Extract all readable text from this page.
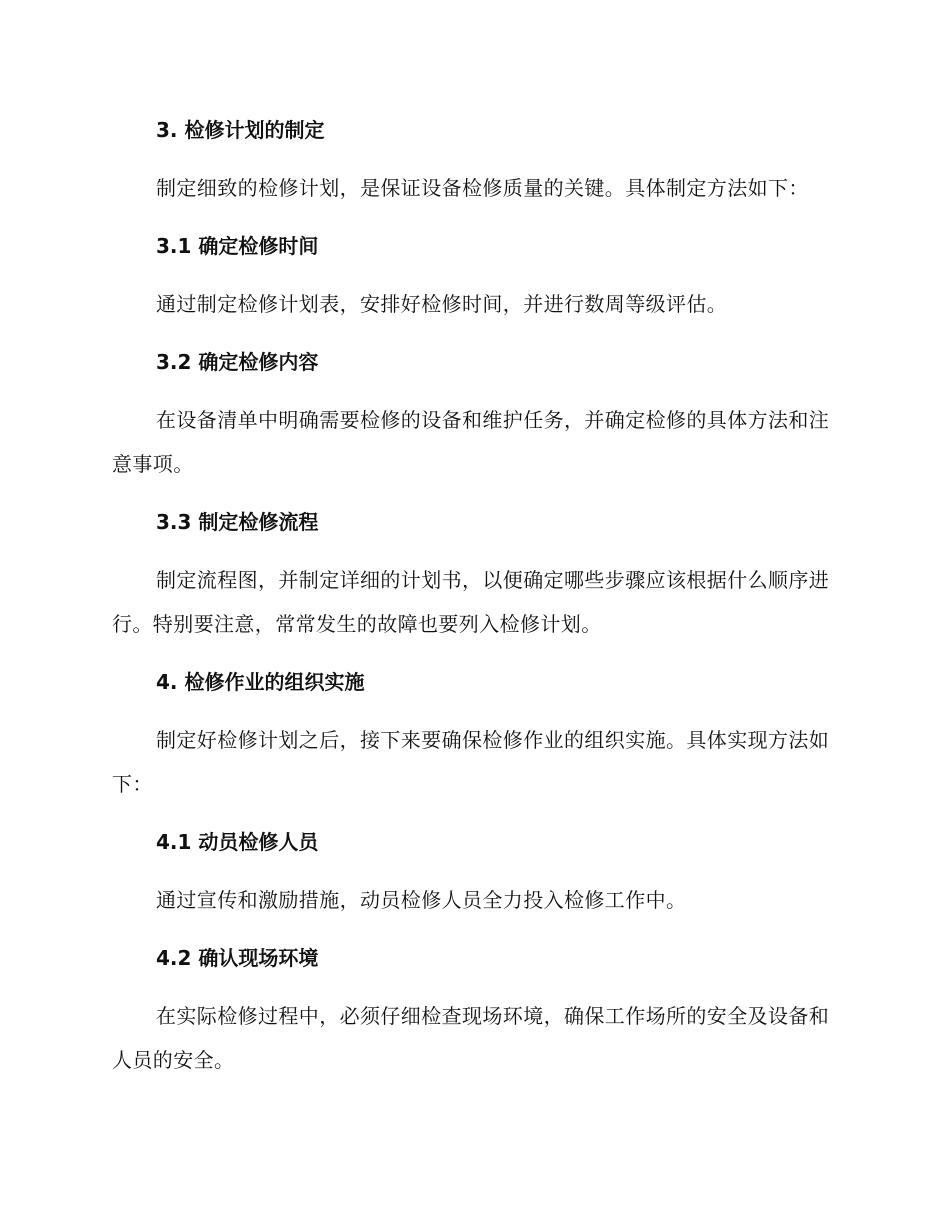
3. 检修计划的制定
制定细致的检修计划，是保证设备检修质量的关键。具体制定方法如下：
3.1 确定检修时间
通过制定检修计划表，安排好检修时间，并进行数周等级评估。
3.2 确定检修内容
在设备清单中明确需要检修的设备和维护任务，并确定检修的具体方法和注意事项。
3.3 制定检修流程
制定流程图，并制定详细的计划书，以便确定哪些步骤应该根据什么顺序进行。特别要注意，常常发生的故障也要列入检修计划。
4. 检修作业的组织实施
制定好检修计划之后，接下来要确保检修作业的组织实施。具体实现方法如下：
4.1 动员检修人员
通过宣传和激励措施，动员检修人员全力投入检修工作中。
4.2 确认现场环境
在实际检修过程中，必须仔细检查现场环境，确保工作场所的安全及设备和人员的安全。
